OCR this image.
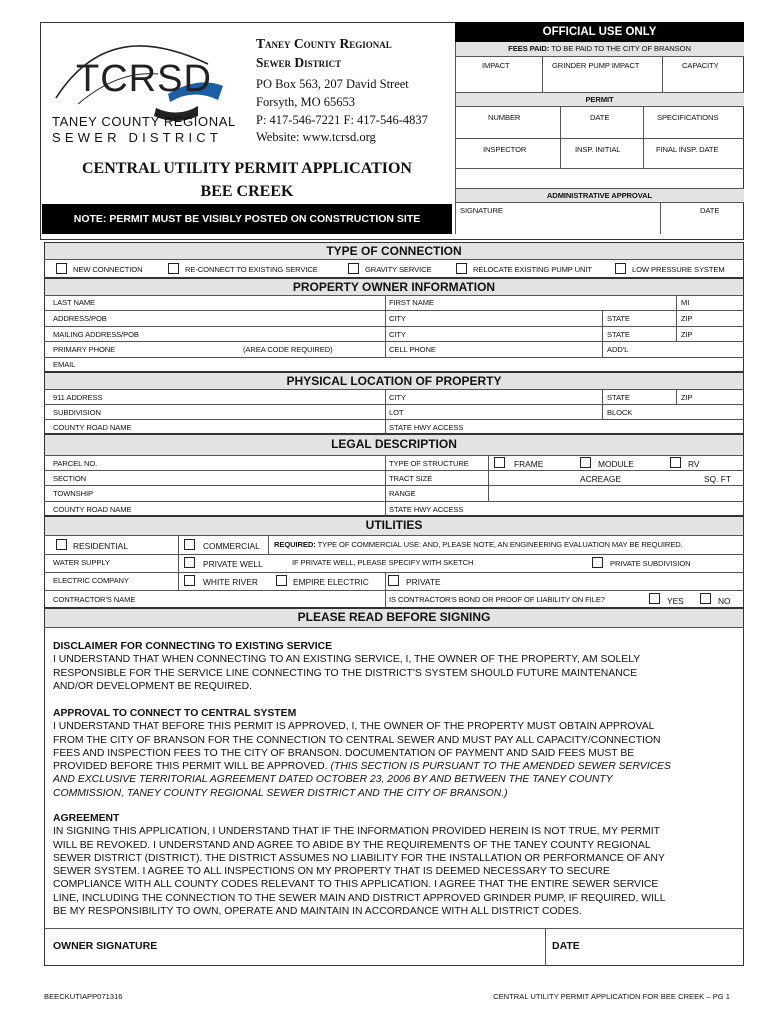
TCRSD
TANEY COUNTY REGIONAL
SEWER DISTRICT
Taney County Regional
Sewer District
PO Box 563, 207 David Street
Forsyth, MO 65653
P: 417-546-7221 F: 417-546-4837
Website: www.tcrsd.org
CENTRAL UTILITY PERMIT APPLICATION
BEE CREEK
NOTE: PERMIT MUST BE VISIBLY POSTED ON CONSTRUCTION SITE
OFFICIAL USE ONLY
FEES PAID: TO BE PAID TO THE CITY OF BRANSON
IMPACT	GRINDER PUMP IMPACT	CAPACITY
PERMIT
NUMBER	DATE	SPECIFICATIONS
INSPECTOR	INSP. INITIAL	FINAL INSP. DATE
ADMINISTRATIVE APPROVAL
SIGNATURE	DATE
TYPE OF CONNECTION
NEW CONNECTION	RE-CONNECT TO EXISTING SERVICE	GRAVITY SERVICE	RELOCATE EXISTING PUMP UNIT	LOW PRESSURE SYSTEM
PROPERTY OWNER INFORMATION
LAST NAME	FIRST NAME	MI
ADDRESS/POB	CITY	STATE	ZIP
MAILING ADDRESS/POB	CITY	STATE	ZIP
PRIMARY PHONE	(AREA CODE REQUIRED)	CELL PHONE	ADD'L
EMAIL
PHYSICAL LOCATION OF PROPERTY
911 ADDRESS	CITY	STATE	ZIP
SUBDIVISION	LOT	BLOCK
COUNTY ROAD NAME	STATE HWY ACCESS
LEGAL DESCRIPTION
PARCEL NO.	TYPE OF STRUCTURE	FRAME	MODULE	RV
SECTION	TRACT SIZE	ACREAGE	SQ. FT
TOWNSHIP	RANGE
COUNTY ROAD NAME	STATE HWY ACCESS
UTILITIES
RESIDENTIAL	COMMERCIAL REQUIRED: TYPE OF COMMERCIAL USE: AND, PLEASE NOTE, AN ENGINEERING EVALUATION MAY BE REQUIRED.
WATER SUPPLY	PRIVATE WELL	IF PRIVATE WELL, PLEASE SPECIFY WITH SKETCH	PRIVATE SUBDIVISION
ELECTRIC COMPANY	WHITE RIVER	EMPIRE ELECTRIC	PRIVATE
CONTRACTOR'S NAME	IS CONTRACTOR'S BOND OR PROOF OF LIABILITY ON FILE?	YES	NO
PLEASE READ BEFORE SIGNING
DISCLAIMER FOR CONNECTING TO EXISTING SERVICE
I UNDERSTAND THAT WHEN CONNECTING TO AN EXISTING SERVICE, I, THE OWNER OF THE PROPERTY, AM SOLELY
RESPONSIBLE FOR THE SERVICE LINE CONNECTING TO THE DISTRICT'S SYSTEM SHOULD FUTURE MAINTENANCE
AND/OR DEVELOPMENT BE REQUIRED.
APPROVAL TO CONNECT TO CENTRAL SYSTEM
I UNDERSTAND THAT BEFORE THIS PERMIT IS APPROVED, I, THE OWNER OF THE PROPERTY MUST OBTAIN APPROVAL
FROM THE CITY OF BRANSON FOR THE CONNECTION TO CENTRAL SEWER AND MUST PAY ALL CAPACITY/CONNECTION
FEES AND INSPECTION FEES TO THE CITY OF BRANSON. DOCUMENTATION OF PAYMENT AND SAID FEES MUST BE
PROVIDED BEFORE THIS PERMIT WILL BE APPROVED. (THIS SECTION IS PURSUANT TO THE AMENDED SEWER SERVICES
AND EXCLUSIVE TERRITORIAL AGREEMENT DATED OCTOBER 23, 2006 BY AND BETWEEN THE TANEY COUNTY
COMMISSION, TANEY COUNTY REGIONAL SEWER DISTRICT AND THE CITY OF BRANSON.)
AGREEMENT
IN SIGNING THIS APPLICATION, I UNDERSTAND THAT IF THE INFORMATION PROVIDED HEREIN IS NOT TRUE, MY PERMIT
WILL BE REVOKED. I UNDERSTAND AND AGREE TO ABIDE BY THE REQUIREMENTS OF THE TANEY COUNTY REGIONAL
SEWER DISTRICT (DISTRICT). THE DISTRICT ASSUMES NO LIABILITY FOR THE INSTALLATION OR PERFORMANCE OF ANY
SEWER SYSTEM. I AGREE TO ALL INSPECTIONS ON MY PROPERTY THAT IS DEEMED NECESSARY TO SECURE
COMPLIANCE WITH ALL COUNTY CODES RELEVANT TO THIS APPLICATION. I AGREE THAT THE ENTIRE SEWER SERVICE
LINE, INCLUDING THE CONNECTION TO THE SEWER MAIN AND DISTRICT APPROVED GRINDER PUMP, IF REQUIRED, WILL
BE MY RESPONSIBILITY TO OWN, OPERATE AND MAINTAIN IN ACCORDANCE WITH ALL DISTRICT CODES.
OWNER SIGNATURE	DATE
BEECKUTIAPP071316	CENTRAL UTILITY PERMIT APPLICATION FOR BEE CREEK – PG 1
